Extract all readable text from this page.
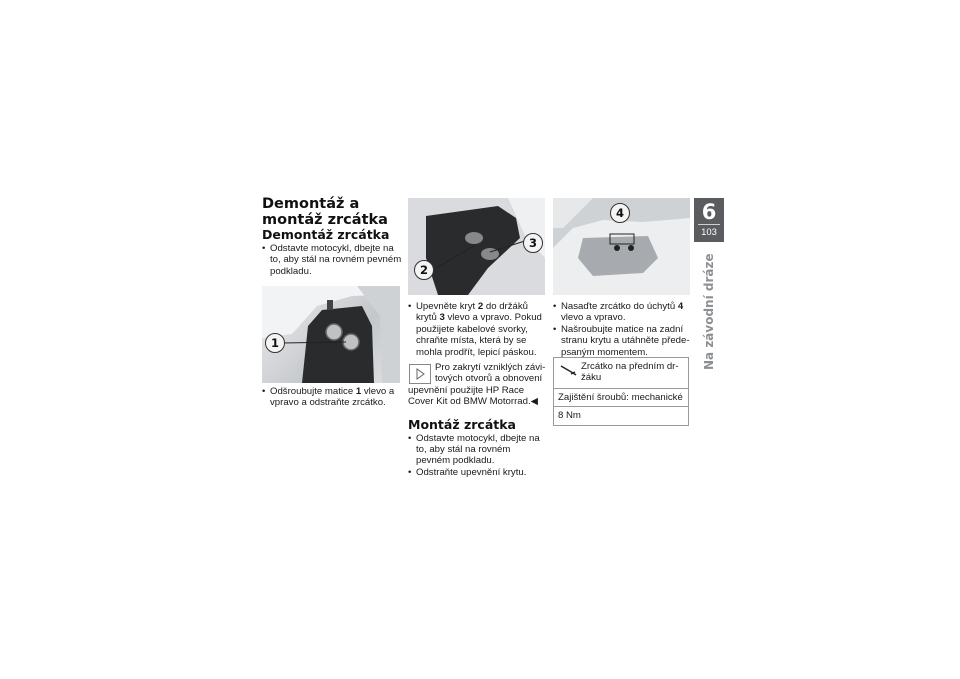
Demontáž a montáž zrcátka
Demontáž zrcátka
• Odstavte motocykl, dbejte na to, aby stál na rovném pevném podkladu.
1
• Odšroubujte matice 1 vlevo a vpravo a odstraňte zrcátko.
2
3
• Upevněte kryt 2 do držáků krytů 3 vlevo a vpravo. Pokud použijete kabelové svorky, chraňte místa, která by se mohla prodřít, lepicí páskou.
Pro zakrytí vzniklých závi-tových otvorů a obnovení
upevnění použijte HP Race Cover Kit od BMW Motorrad.◀
Montáž zrcátka
• Odstavte motocykl, dbejte na to, aby stál na rovném pevném podkladu.
• Odstraňte upevnění krytu.
4
• Nasaďte zrcátko do úchytů 4 vlevo a vpravo.
• Našroubujte matice na zadní stranu krytu a utáhněte přede-psaným momentem.
Zrcátko na předním dr-žáku
Zajištění šroubů: mechanické
8 Nm
6
103
Na závodní dráze
